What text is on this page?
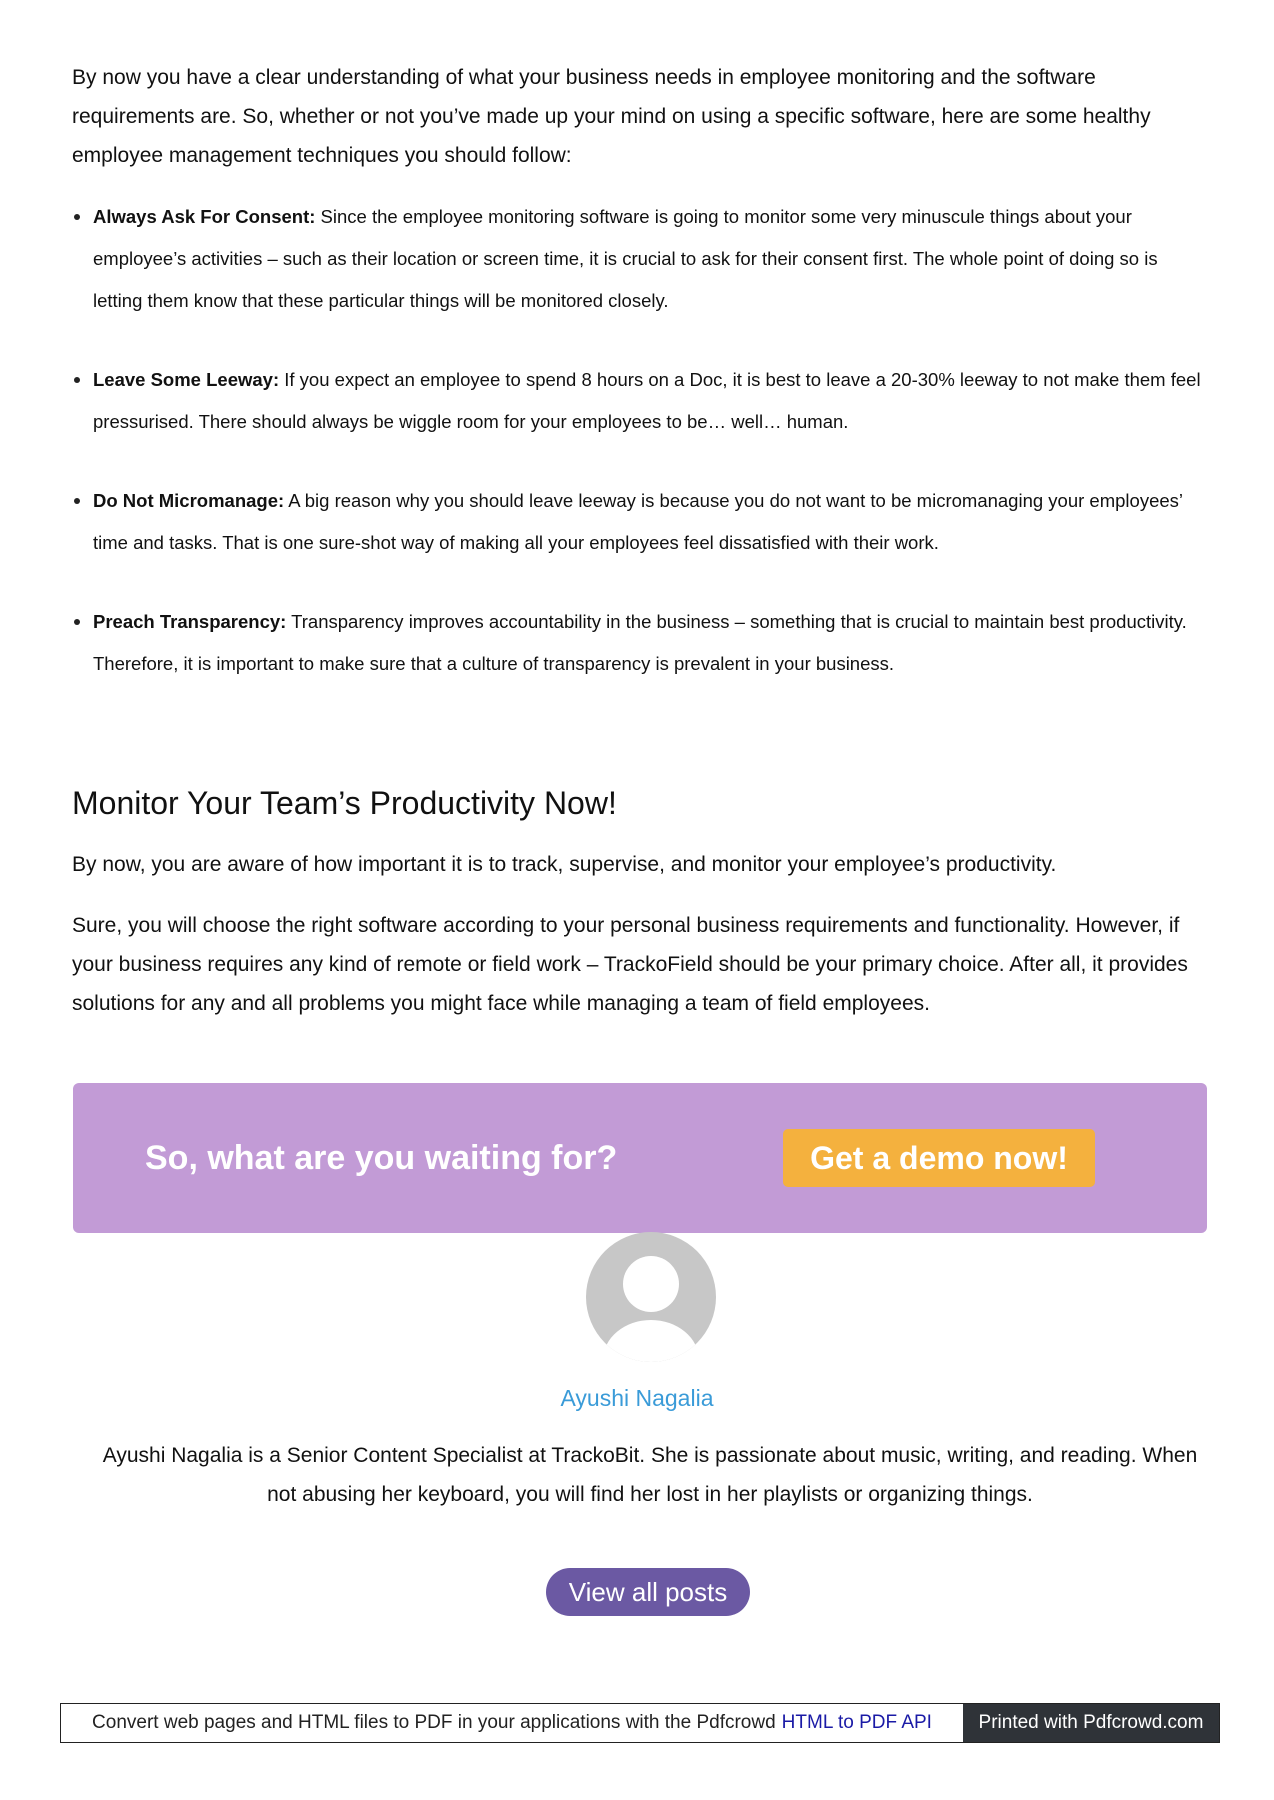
By now you have a clear understanding of what your business needs in employee monitoring and the software requirements are. So, whether or not you’ve made up your mind on using a specific software, here are some healthy employee management techniques you should follow:

Always Ask For Consent: Since the employee monitoring software is going to monitor some very minuscule things about your employee’s activities – such as their location or screen time, it is crucial to ask for their consent first. The whole point of doing so is letting them know that these particular things will be monitored closely.
Leave Some Leeway: If you expect an employee to spend 8 hours on a Doc, it is best to leave a 20-30% leeway to not make them feel pressurised. There should always be wiggle room for your employees to be… well… human.
Do Not Micromanage: A big reason why you should leave leeway is because you do not want to be micromanaging your employees’ time and tasks. That is one sure-shot way of making all your employees feel dissatisfied with their work.
Preach Transparency: Transparency improves accountability in the business – something that is crucial to maintain best productivity. Therefore, it is important to make sure that a culture of transparency is prevalent in your business.
Monitor Your Team’s Productivity Now!

By now, you are aware of how important it is to track, supervise, and monitor your employee’s productivity.

Sure, you will choose the right software according to your personal business requirements and functionality. However, if your business requires any kind of remote or field work – TrackoField should be your primary choice. After all, it provides solutions for any and all problems you might face while managing a team of field employees.

So, what are you waiting for?	Get a demo now!
Ayushi Nagalia

Ayushi Nagalia is a Senior Content Specialist at TrackoBit. She is passionate about music, writing, and reading. When not abusing her keyboard, you will find her lost in her playlists or organizing things.

View all posts
Convert web pages and HTML files to PDF in your applications with the Pdfcrowd HTML to PDF API	Printed with Pdfcrowd.com
